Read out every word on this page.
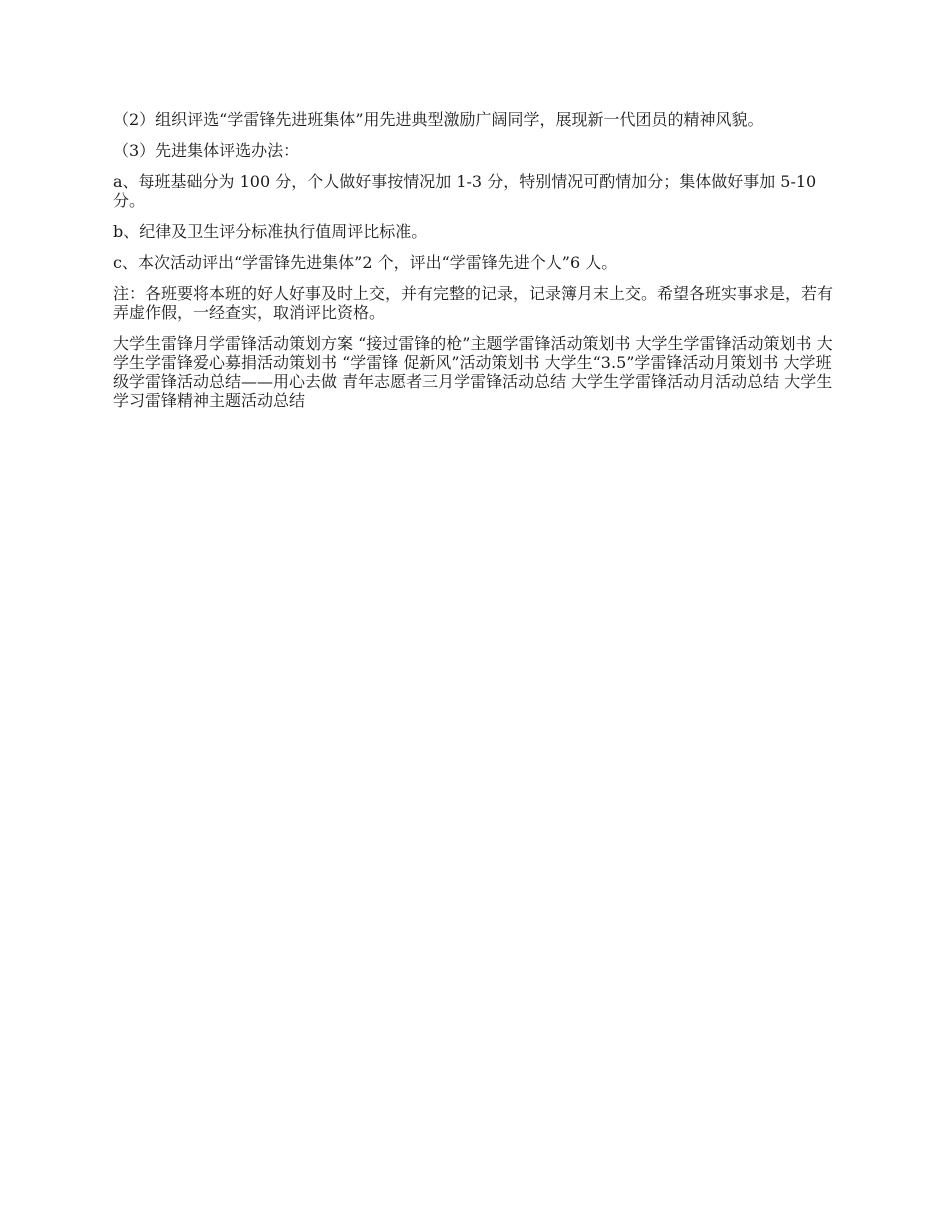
（2）组织评选“学雷锋先进班集体”用先进典型激励广阔同学，展现新一代团员的精神风貌。

（3）先进集体评选办法：

a、每班基础分为 100 分，个人做好事按情况加 1-3 分，特别情况可酌情加分；集体做好事加 5-10 分。

b、纪律及卫生评分标准执行值周评比标准。

c、本次活动评出“学雷锋先进集体”2 个，评出“学雷锋先进个人”6 人。

注：各班要将本班的好人好事及时上交，并有完整的记录，记录簿月末上交。希望各班实事求是，若有弄虚作假，一经查实，取消评比资格。

大学生雷锋月学雷锋活动策划方案 “接过雷锋的枪”主题学雷锋活动策划书 大学生学雷锋活动策划书 大学生学雷锋爱心募捐活动策划书 “学雷锋 促新风”活动策划书 大学生“3.5”学雷锋活动月策划书 大学班级学雷锋活动总结——用心去做 青年志愿者三月学雷锋活动总结 大学生学雷锋活动月活动总结 大学生学习雷锋精神主题活动总结
